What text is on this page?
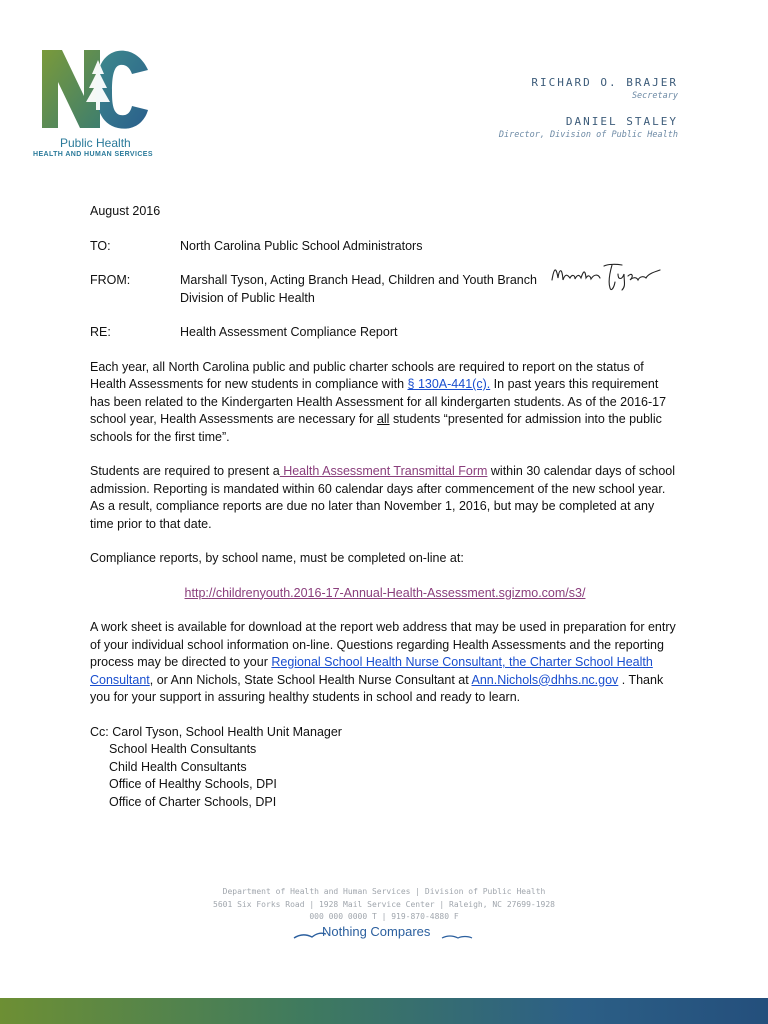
Public Health
HEALTH AND HUMAN SERVICES
RICHARD O. BRAJER
Secretary
DANIEL STALEY
Director, Division of Public Health
August 2016
TO:	North Carolina Public School Administrators
FROM:	Marshall Tyson, Acting Branch Head, Children and Youth Branch
Division of Public Health
RE:	Health Assessment Compliance Report

Each year, all North Carolina public and public charter schools are required to report on the status of Health Assessments for new students in compliance with § 130A-441(c). In past years this requirement has been related to the Kindergarten Health Assessment for all kindergarten students. As of the 2016-17 school year, Health Assessments are necessary for all students “presented for admission into the public schools for the first time”.

Students are required to present a Health Assessment Transmittal Form within 30 calendar days of school admission. Reporting is mandated within 60 calendar days after commencement of the new school year. As a result, compliance reports are due no later than November 1, 2016, but may be completed at any time prior to that date.

Compliance reports, by school name, must be completed on-line at:

http://childrenyouth.2016-17-Annual-Health-Assessment.sgizmo.com/s3/

A work sheet is available for download at the report web address that may be used in preparation for entry of your individual school information on-line. Questions regarding Health Assessments and the reporting process may be directed to your Regional School Health Nurse Consultant, the Charter School Health Consultant, or Ann Nichols, State School Health Nurse Consultant at Ann.Nichols@dhhs.nc.gov . Thank you for your support in assuring healthy students in school and ready to learn.

Cc: Carol Tyson, School Health Unit Manager
School Health Consultants
Child Health Consultants
Office of Healthy Schools, DPI
Office of Charter Schools, DPI
Department of Health and Human Services | Division of Public Health
5601 Six Forks Road | 1928 Mail Service Center | Raleigh, NC 27699-1928
000 000 0000 T | 919-870-4880 F
Nothing Compares
